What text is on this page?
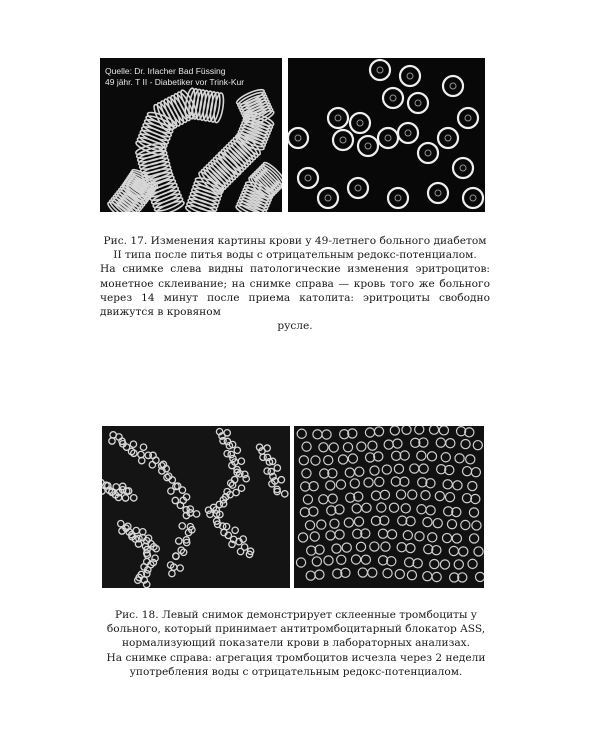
Quelle: Dr. Irlacher Bad Füssing
49 jähr. T II - Diabetiker vor Trink-Kur

Рис. 17. Изменения картины крови у 49-летнего больного диабетом II типа после питья воды с отрицательным редокс-потенциалом.

На снимке слева видны патологические изменения эритроцитов: монетное склеивание; на снимке справа — кровь того же больного через 14 минут после приема католита: эритроциты свободно движутся в кровяном

русле.

Рис. 18. Левый снимок демонстрирует склеенные тромбоциты у больного, который принимает антитромбоцитарный блокатор ASS, нормализующий показатели крови в лабораторных анализах.

На снимке справа: агрегация тромбоцитов исчезла через 2 недели употребления воды с отрицательным редокс-потенциалом.
